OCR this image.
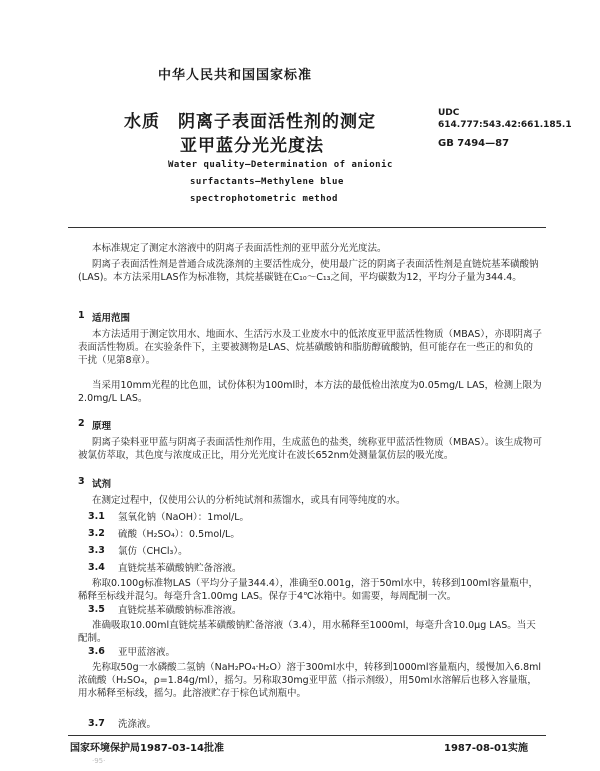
中华人民共和国国家标准
水质　阴离子表面活性剂的测定
亚甲蓝分光光度法
UDC 614.777:543.42:661.185.1
GB 7494—87
Water quality—Determination of anionic
surfactants—Methylene blue
spectrophotometric method
本标准规定了测定水溶液中的阴离子表面活性剂的亚甲蓝分光光度法。
阴离子表面活性剂是普通合成洗涤剂的主要活性成分，使用最广泛的阴离子表面活性剂是直链烷基苯磺酸钠(LAS)。本方法采用LAS作为标准物，其烷基碳链在C₁₀～C₁₃之间，平均碳数为12，平均分子量为344.4。
1 适用范围
本方法适用于测定饮用水、地面水、生活污水及工业废水中的低浓度亚甲蓝活性物质（MBAS），亦即阴离子表面活性物质。在实验条件下，主要被测物是LAS、烷基磺酸钠和脂肪醇硫酸钠，但可能存在一些正的和负的干扰（见第8章）。
当采用10mm光程的比色皿，试份体积为100ml时，本方法的最低检出浓度为0.05mg/L LAS，检测上限为2.0mg/L LAS。
2 原理
阴离子染料亚甲蓝与阴离子表面活性剂作用，生成蓝色的盐类，统称亚甲蓝活性物质（MBAS）。该生成物可被氯仿萃取，其色度与浓度成正比，用分光光度计在波长652nm处测量氯仿层的吸光度。
3 试剂
在测定过程中，仅使用公认的分析纯试剂和蒸馏水，或具有同等纯度的水。
3.1 氢氧化钠（NaOH）：1mol/L。
3.2 硫酸（H₂SO₄）：0.5mol/L。
3.3 氯仿（CHCl₃）。
3.4 直链烷基苯磺酸钠贮备溶液。
称取0.100g标准物LAS（平均分子量344.4），准确至0.001g，溶于50ml水中，转移到100ml容量瓶中，稀释至标线并混匀。每毫升含1.00mg LAS。保存于4℃冰箱中。如需要，每周配制一次。
3.5 直链烷基苯磺酸钠标准溶液。
准确吸取10.00ml直链烷基苯磺酸钠贮备溶液（3.4），用水稀释至1000ml，每毫升含10.0μg LAS。当天配制。
3.6 亚甲蓝溶液。
先称取50g一水磷酸二氢钠（NaH₂PO₄·H₂O）溶于300ml水中，转移到1000ml容量瓶内，缓慢加入6.8ml浓硫酸（H₂SO₄，ρ=1.84g/ml），摇匀。另称取30mg亚甲蓝（指示剂级），用50ml水溶解后也移入容量瓶，用水稀释至标线，摇匀。此溶液贮存于棕色试剂瓶中。
3.7 洗涤液。
国家环境保护局1987-03-14批准	1987-08-01实施
·95·
